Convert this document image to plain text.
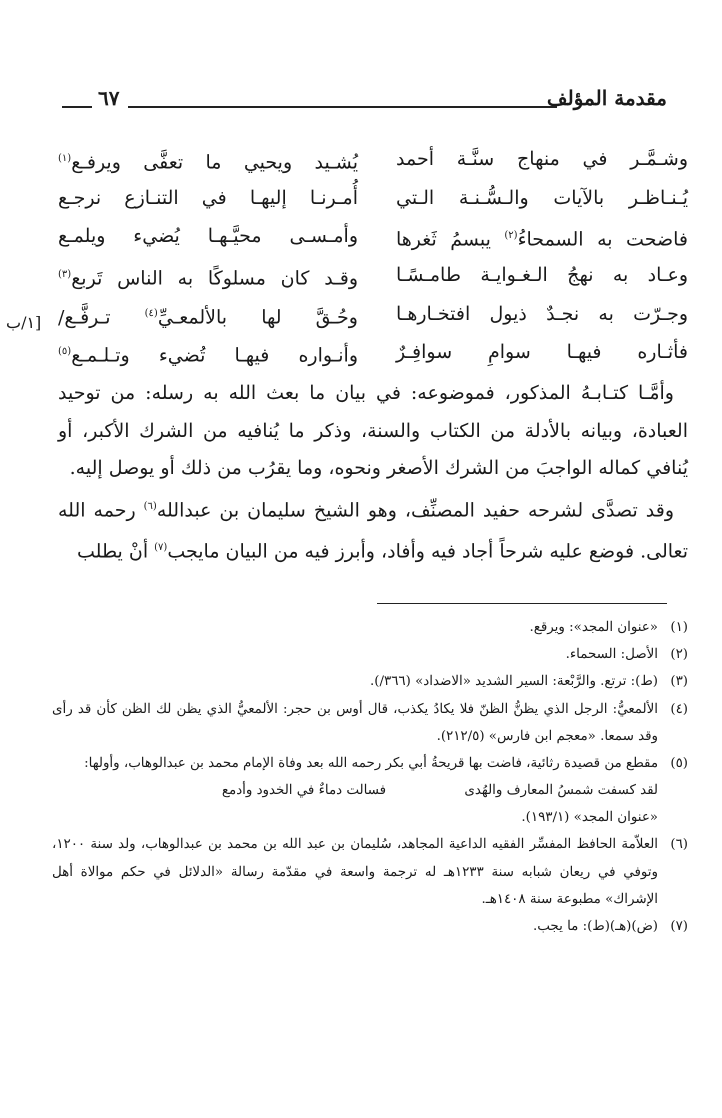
مقدمة المؤلف
٦٧
وشـمَّـر في منهاج سنَّـة أحمد
يُشـيد ويحيي ما تعفَّى ويرفـع$^{(١)}$
يُـنـاظـر بالآيات والـسُّـنـة الـتي
أُمـرنـا إليهـا في التنـازع نرجـع
فاضحت به السمحاءُ$^{(٢)}$ يبسمُ ثَغرها
وأمـسـى محيَّـهـا يُضيء ويلمـع
وعـاد به نهجُ الـغـوايـة طامـسًـا
وقـد كان مسلوكًا به الناس تَربع$^{(٣)}$
وجـرّت به نجـدٌ ذيول افتخـارهـا
وحُـقَّ لها بالألمعـيِّ$^{(٤)}$ تـرفَّـع/
فأثـاره فيهـا سوامِ سوافِـرٌ
وأنـواره فيهـا تُضيء وتـلـمـع$^{(٥)}$
[١/ب

وأمَّـا كتـابـهُ المذكور، فموضوعه: في بيان ما بعث الله به رسله: من توحيد العبادة، وبيانه بالأدلة من الكتاب والسنة، وذكر ما يُنافيه من الشرك الأكبر، أو يُنافي كماله الواجبَ من الشرك الأصغر ونحوه، وما يقرُب من ذلك أو يوصل إليه.

وقد تصدَّى لشرحه حفيد المصنِّف، وهو الشيخ سليمان بن عبدالله$^{(٦)}$ رحمه الله تعالى. فوضع عليه شرحاً أجاد فيه وأفاد، وأبرز فيه من البيان مايجب$^{(٧)}$ أنْ يطلب

(١)
«عنوان المجد»: ويرقع.
(٢)
الأصل: السحماء.
(٣)
(ط): ترتع. والرَّبْعة: السير الشديد «الاضداد» (٣٦٦/).
(٤)
الألمعيُّ: الرجل الذي يظنُّ الظنّ فلا يكادُ يكذب، قال أوس بن حجر: الألمعيُّ الذي يظن لك الظن كأن قد رأى وقد سمعا. «معجم ابن فارس» (٢١٢/٥).
(٥)
مقطع من قصيدة رثائية، فاضت بها قريحةُ أبي بكر رحمه الله بعد وفاة الإمام محمد بن عبدالوهاب، وأولها:
لقد كسفت شمسُ المعارف والهُدى
فسالت دماءٌ في الخدود وأدمع
«عنوان المجد» (١٩٣/١).
(٦)
العلاّمة الحافظ المفسِّر الفقيه الداعية المجاهد، سُليمان بن عبد الله بن محمد بن عبدالوهاب، ولد سنة ١٢٠٠، وتوفي في ريعان شبابه سنة ١٢٣٣هـ له ترجمة واسعة في مقدّمة رسالة «الدلائل في حكم موالاة أهل الإشراك» مطبوعة سنة ١٤٠٨هـ.
(٧)
(ض)(هـ)(ط): ما يجب.
